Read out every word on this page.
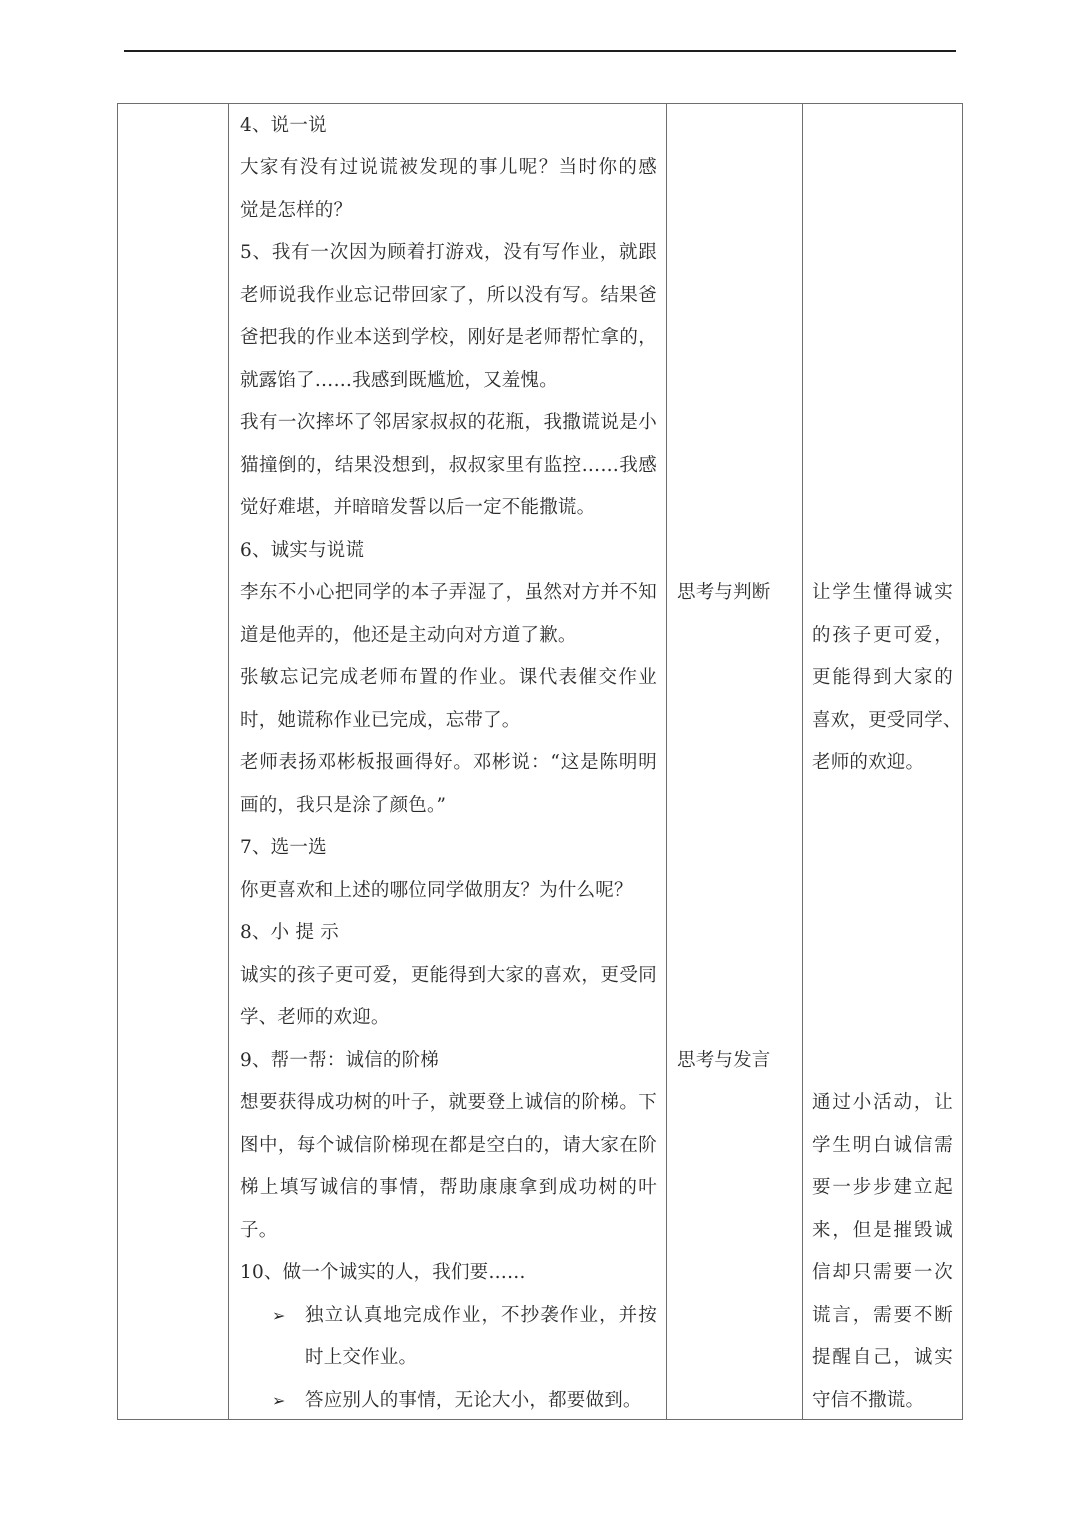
4、说一说
大家有没有过说谎被发现的事儿呢？当时你的感
觉是怎样的？
5、我有一次因为顾着打游戏，没有写作业，就跟
老师说我作业忘记带回家了，所以没有写。结果爸
爸把我的作业本送到学校，刚好是老师帮忙拿的，
就露馅了……我感到既尴尬，又羞愧。
我有一次摔坏了邻居家叔叔的花瓶，我撒谎说是小
猫撞倒的，结果没想到，叔叔家里有监控……我感
觉好难堪，并暗暗发誓以后一定不能撒谎。
6、诚实与说谎
李东不小心把同学的本子弄湿了，虽然对方并不知
道是他弄的，他还是主动向对方道了歉。
张敏忘记完成老师布置的作业。课代表催交作业
时，她谎称作业已完成，忘带了。
老师表扬邓彬板报画得好。邓彬说：“这是陈明明
画的，我只是涂了颜色。”
7、选一选
你更喜欢和上述的哪位同学做朋友？为什么呢？
8、小 提 示
诚实的孩子更可爱，更能得到大家的喜欢，更受同
学、老师的欢迎。
9、帮一帮：诚信的阶梯
想要获得成功树的叶子，就要登上诚信的阶梯。下
图中，每个诚信阶梯现在都是空白的，请大家在阶
梯上填写诚信的事情，帮助康康拿到成功树的叶
子。
10、做一个诚实的人，我们要……
➢ 独立认真地完成作业，不抄袭作业，并按
时上交作业。
➢ 答应别人的事情，无论大小，都要做到。
思考与判断
思考与发言
让学生懂得诚实
的孩子更可爱，
更能得到大家的
喜欢，更受同学、
老师的欢迎。
通过小活动，让
学生明白诚信需
要一步步建立起
来，但是摧毁诚
信却只需要一次
谎言，需要不断
提醒自己，诚实
守信不撒谎。
